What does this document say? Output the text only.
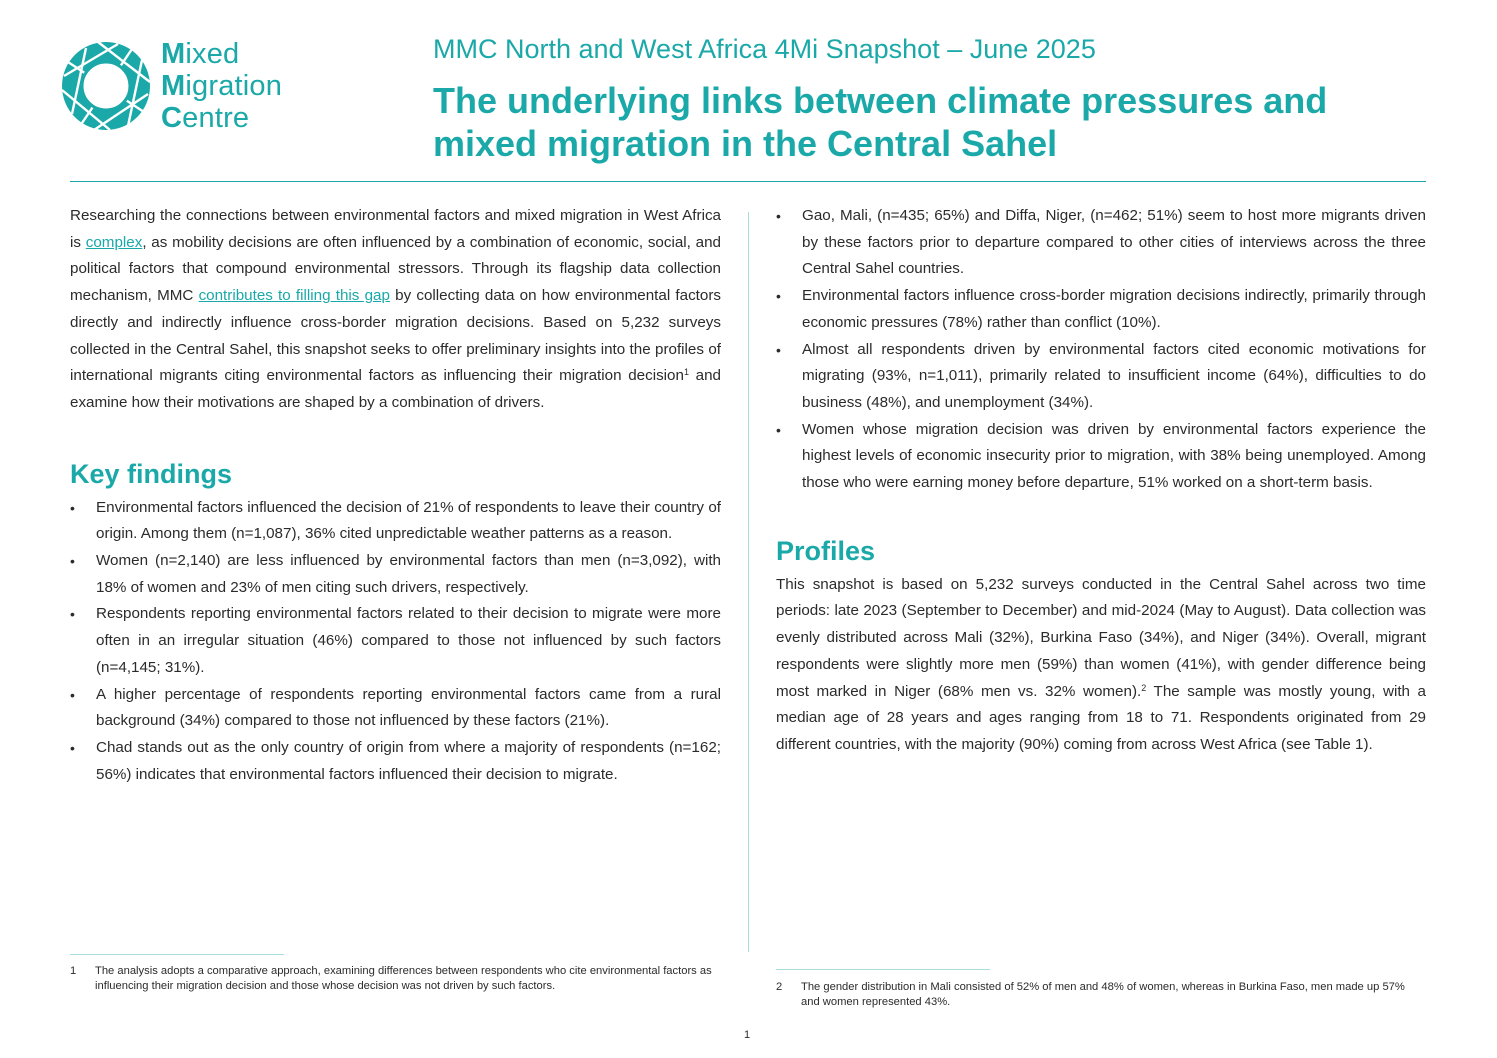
Mixed
Migration
Centre
MMC North and West Africa 4Mi Snapshot – June 2025
The underlying links between climate pressures and mixed migration in the Central Sahel

Researching the connections between environmental factors and mixed migration in West Africa is complex, as mobility decisions are often influenced by a combination of economic, social, and political factors that compound environmental stressors. Through its flagship data collection mechanism, MMC contributes to filling this gap by collecting data on how environmental factors directly and indirectly influence cross-border migration decisions. Based on 5,232 surveys collected in the Central Sahel, this snapshot seeks to offer preliminary insights into the profiles of international migrants citing environmental factors as influencing their migration decision$^1$ and examine how their motivations are shaped by a combination of drivers.

Key findings
• Environmental factors influenced the decision of 21% of respondents to leave their country of origin. Among them (n=1,087), 36% cited unpredictable weather patterns as a reason.
• Women (n=2,140) are less influenced by environmental factors than men (n=3,092), with 18% of women and 23% of men citing such drivers, respectively.
• Respondents reporting environmental factors related to their decision to migrate were more often in an irregular situation (46%) compared to those not influenced by such factors (n=4,145; 31%).
• A higher percentage of respondents reporting environmental factors came from a rural background (34%) compared to those not influenced by these factors (21%).
• Chad stands out as the only country of origin from where a majority of respondents (n=162; 56%) indicates that environmental factors influenced their decision to migrate.
• Gao, Mali, (n=435; 65%) and Diffa, Niger, (n=462; 51%) seem to host more migrants driven by these factors prior to departure compared to other cities of interviews across the three Central Sahel countries.
• Environmental factors influence cross-border migration decisions indirectly, primarily through economic pressures (78%) rather than conflict (10%).
• Almost all respondents driven by environmental factors cited economic motivations for migrating (93%, n=1,011), primarily related to insufficient income (64%), difficulties to do business (48%), and unemployment (34%).
• Women whose migration decision was driven by environmental factors experience the highest levels of economic insecurity prior to migration, with 38% being unemployed. Among those who were earning money before departure, 51% worked on a short-term basis.
Profiles

This snapshot is based on 5,232 surveys conducted in the Central Sahel across two time periods: late 2023 (September to December) and mid-2024 (May to August). Data collection was evenly distributed across Mali (32%), Burkina Faso (34%), and Niger (34%). Overall, migrant respondents were slightly more men (59%) than women (41%), with gender difference being most marked in Niger (68% men vs. 32% women).$^2$ The sample was mostly young, with a median age of 28 years and ages ranging from 18 to 71. Respondents originated from 29 different countries, with the majority (90%) coming from across West Africa (see Table 1).

1 The analysis adopts a comparative approach, examining differences between respondents who cite environmental factors as influencing their migration decision and those whose decision was not driven by such factors.	2 The gender distribution in Mali consisted of 52% of men and 48% of women, whereas in Burkina Faso, men made up 57% and women represented 43%.
1
